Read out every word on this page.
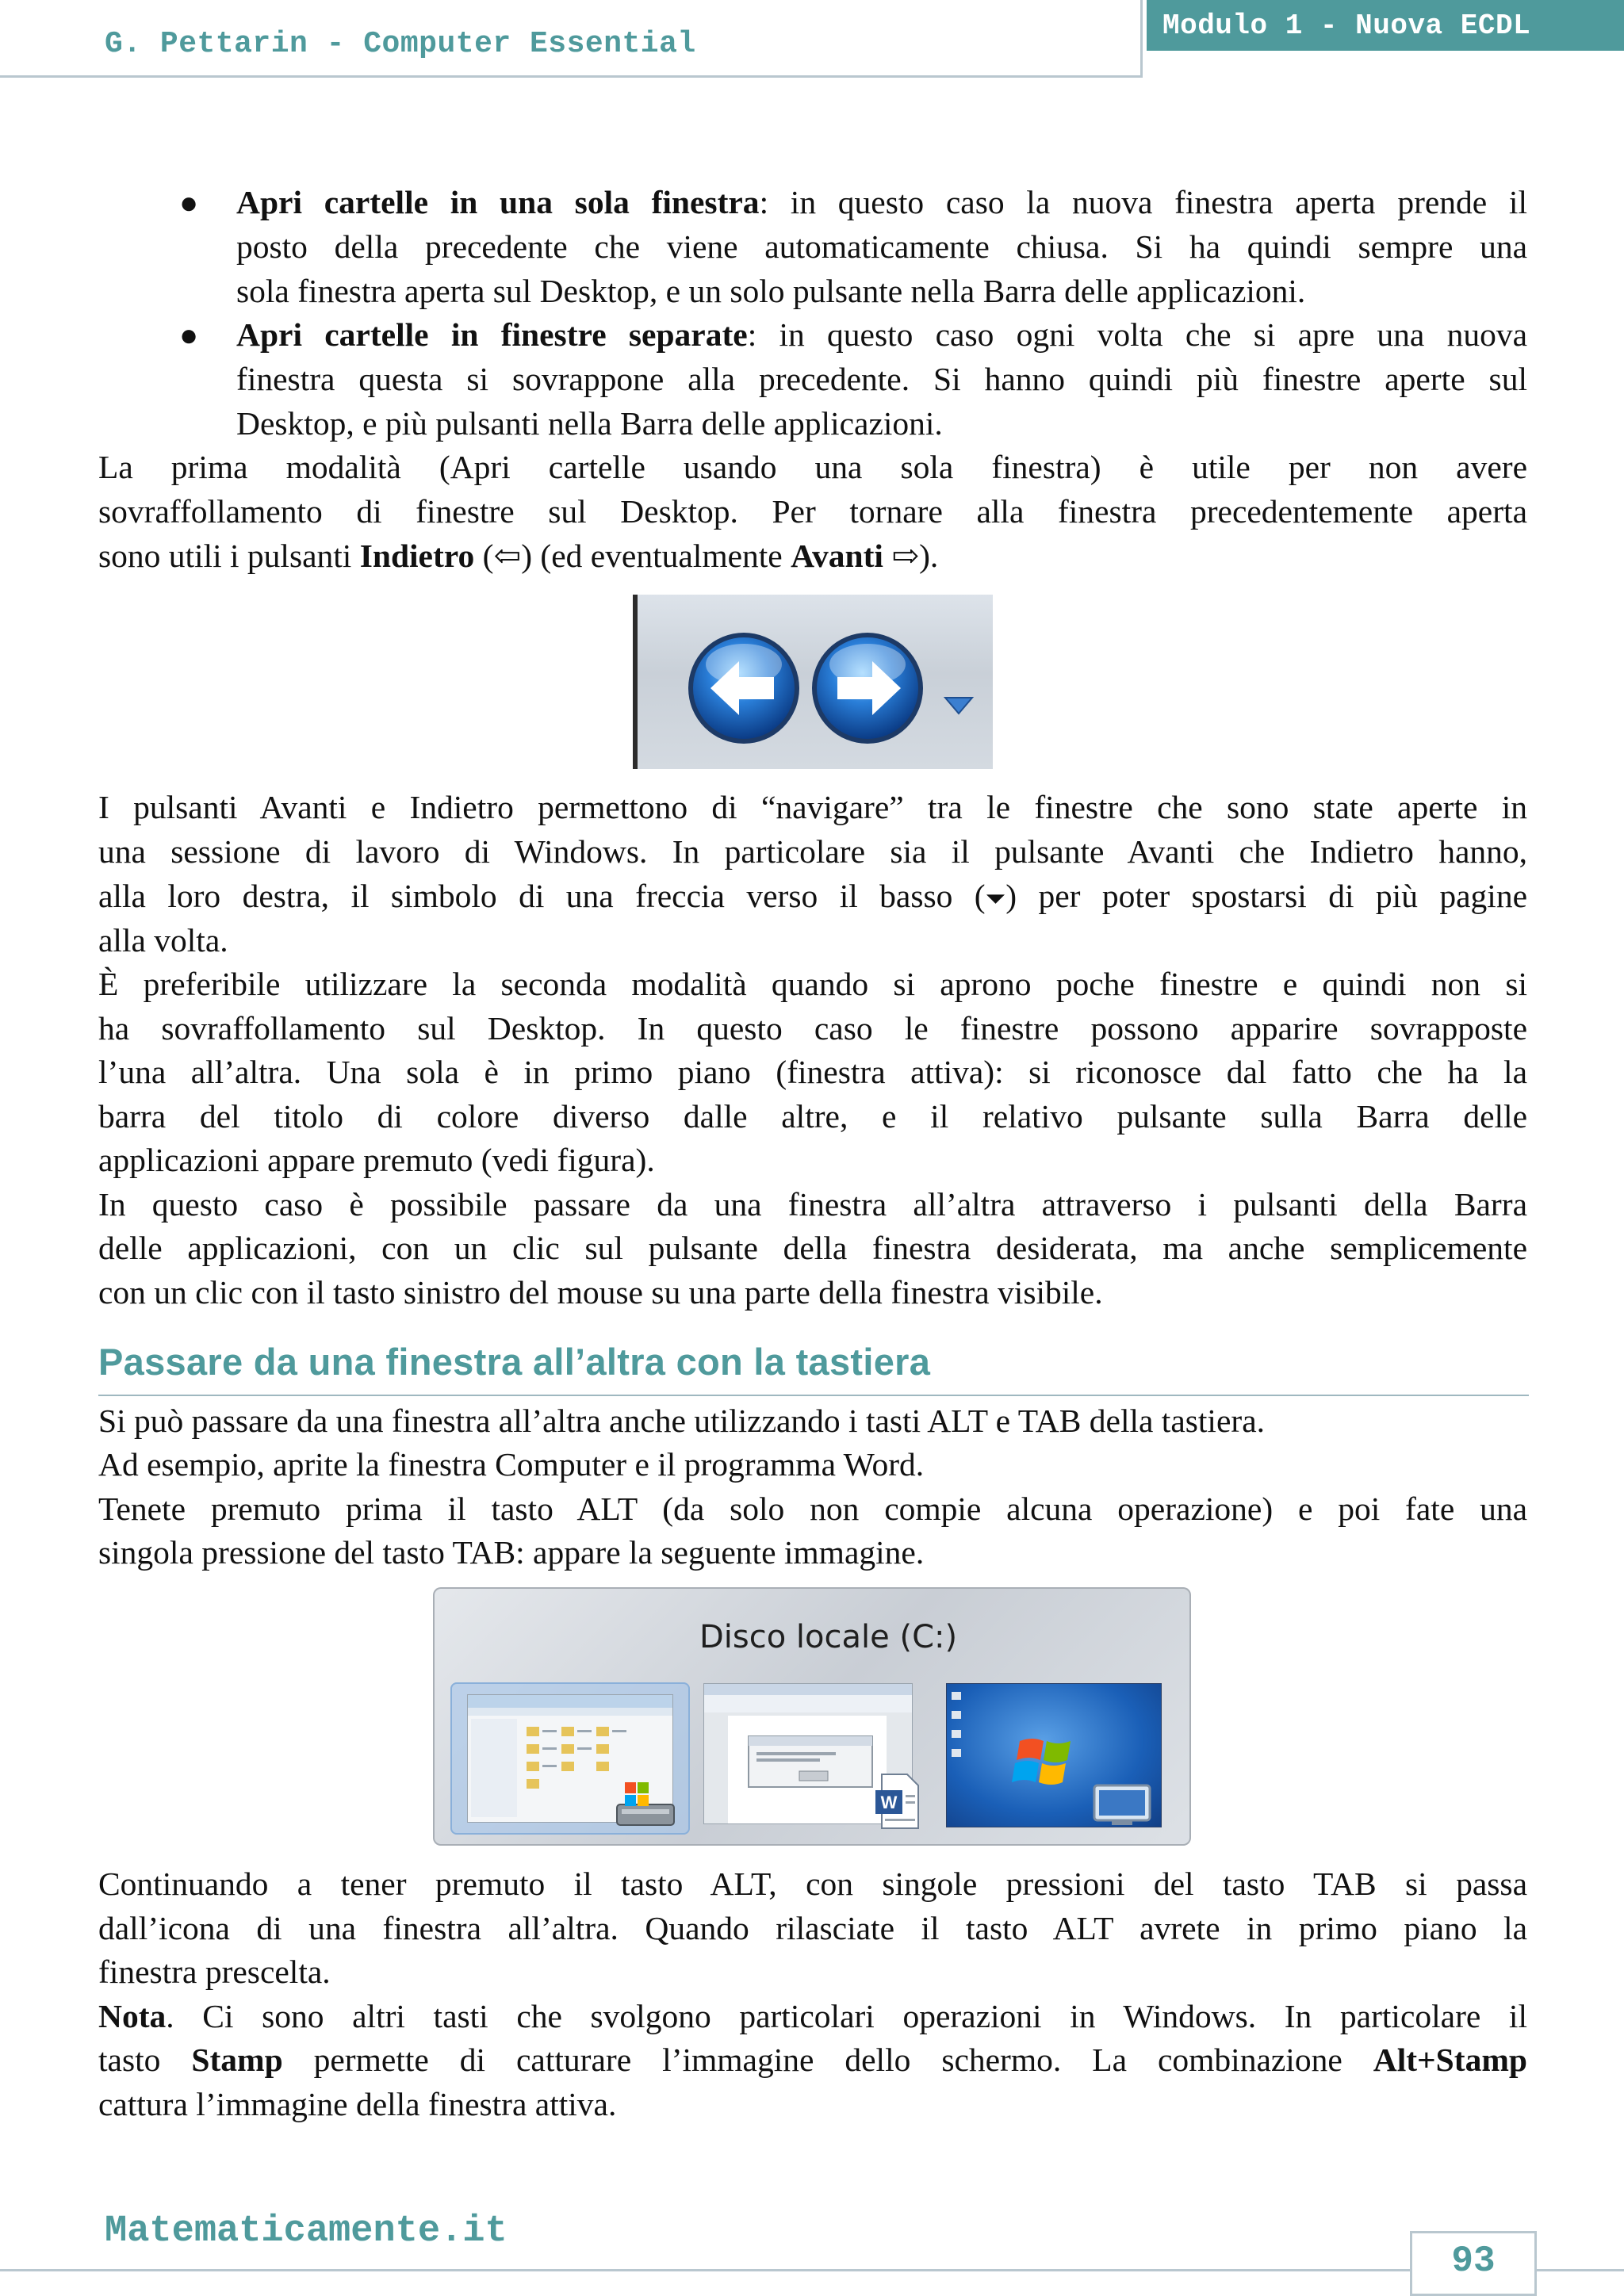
G. Pettarin - Computer Essential
Modulo 1 - Nuova ECDL
● Apri cartelle in una sola finestra: in questo caso la nuova finestra aperta prende il

posto della precedente che viene automaticamente chiusa. Si ha quindi sempre una

sola finestra aperta sul Desktop, e un solo pulsante nella Barra delle applicazioni.

● Apri cartelle in finestre separate: in questo caso ogni volta che si apre una nuova

finestra questa si sovrappone alla precedente. Si hanno quindi più finestre aperte sul

Desktop, e più pulsanti nella Barra delle applicazioni.

La prima modalità (Apri cartelle usando una sola finestra) è utile per non avere

sovraffollamento di finestre sul Desktop. Per tornare alla finestra precedentemente aperta

sono utili i pulsanti Indietro (⇦) (ed eventualmente Avanti ⇨).

I pulsanti Avanti e Indietro permettono di “navigare” tra le finestre che sono state aperte in

una sessione di lavoro di Windows. In particolare sia il pulsante Avanti che Indietro hanno,

alla loro destra, il simbolo di una freccia verso il basso (⏷) per poter spostarsi di più pagine

alla volta.

È preferibile utilizzare la seconda modalità quando si aprono poche finestre e quindi non si

ha sovraffollamento sul Desktop. In questo caso le finestre possono apparire sovrapposte

l’una all’altra. Una sola è in primo piano (finestra attiva): si riconosce dal fatto che ha la

barra del titolo di colore diverso dalle altre, e il relativo pulsante sulla Barra delle

applicazioni appare premuto (vedi figura).

In questo caso è possibile passare da una finestra all’altra attraverso i pulsanti della Barra

delle applicazioni, con un clic sul pulsante della finestra desiderata, ma anche semplicemente

con un clic con il tasto sinistro del mouse su una parte della finestra visibile.

Passare da una finestra all’altra con la tastiera

Si può passare da una finestra all’altra anche utilizzando i tasti ALT e TAB della tastiera.

Ad esempio, aprite la finestra Computer e il programma Word.

Tenete premuto prima il tasto ALT (da solo non compie alcuna operazione) e poi fate una

singola pressione del tasto TAB: appare la seguente immagine.

Disco locale (C:)
W

Continuando a tener premuto il tasto ALT, con singole pressioni del tasto TAB si passa

dall’icona di una finestra all’altra. Quando rilasciate il tasto ALT avrete in primo piano la

finestra prescelta.

Nota. Ci sono altri tasti che svolgono particolari operazioni in Windows. In particolare il

tasto Stamp permette di catturare l’immagine dello schermo. La combinazione Alt+Stamp

cattura l’immagine della finestra attiva.

Matematicamente.it
93
